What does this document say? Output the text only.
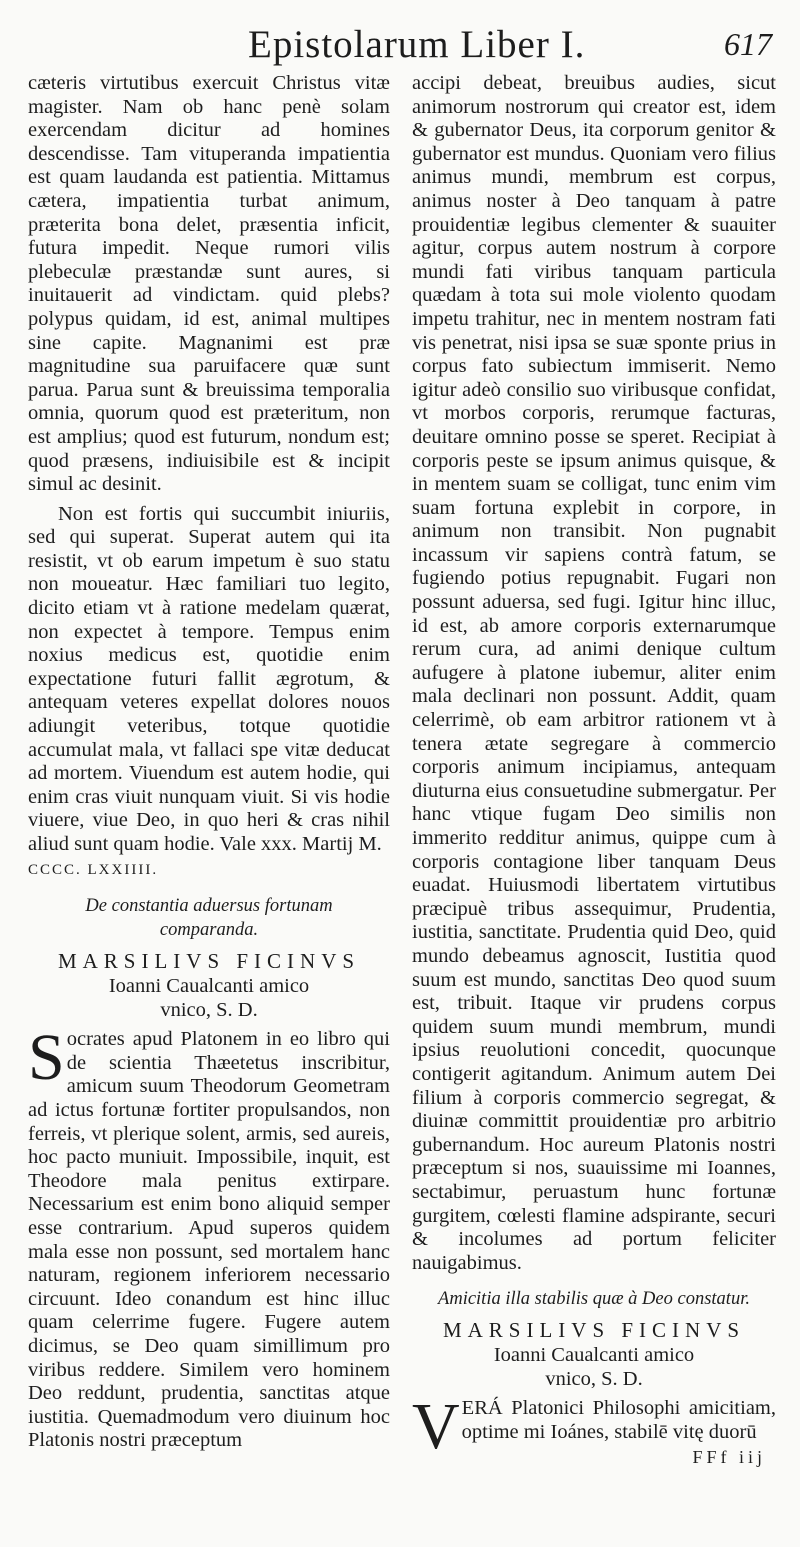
Epistolarum Liber I.	617

cæteris virtutibus exercuit Christus vitæ magister. Nam ob hanc penè solam exercendam dicitur ad homines descendisse. Tam vituperanda impatientia est quam laudanda est patientia. Mittamus cætera, impatientia turbat animum, præterita bona delet, præsentia inficit, futura impedit. Neque rumori vilis plebeculæ præstandæ sunt aures, si inuitauerit ad vindictam. quid plebs? polypus quidam, id est, animal multipes sine capite. Magnanimi est præ magnitudine sua paruifacere quæ sunt parua. Parua sunt & breuissima temporalia omnia, quorum quod est præteritum, non est amplius; quod est futurum, nondum est; quod præsens, indiuisibile est & incipit simul ac desinit.

Non est fortis qui succumbit iniuriis, sed qui superat. Superat autem qui ita resistit, vt ob earum impetum è suo statu non moueatur. Hæc familiari tuo legito, dicito etiam vt à ratione medelam quærat, non expectet à tempore. Tempus enim noxius medicus est, quotidie enim expectatione futuri fallit ægrotum, & antequam veteres expellat dolores nouos adiungit veteribus, totque quotidie accumulat mala, vt fallaci spe vitæ deducat ad mortem. Viuendum est autem hodie, qui enim cras viuit nunquam viuit. Si vis hodie viuere, viue Deo, in quo heri & cras nihil aliud sunt quam hodie. Vale xxx. Martij M.

CCCC. LXXIIII.

De constantia aduersus fortunam

comparanda.

MARSILIVS FICINVS

Ioanni Caualcanti amico

vnico, S. D.

Socrates apud Platonem in eo libro qui de scientia Thæetetus inscribitur, amicum suum Theodorum Geometram ad ictus fortunæ fortiter propulsandos, non ferreis, vt plerique solent, armis, sed aureis, hoc pacto muniuit. Impossibile, inquit, est Theodore mala penitus extirpare. Necessarium est enim bono aliquid semper esse contrarium. Apud superos quidem mala esse non possunt, sed mortalem hanc naturam, regionem inferiorem necessario circuunt. Ideo conandum est hinc illuc quam celerrime fugere. Fugere autem dicimus, se Deo quam simillimum pro viribus reddere. Similem vero hominem Deo reddunt, prudentia, sanctitas atque iustitia. Quemadmodum vero diuinum hoc Platonis nostri præceptum

accipi debeat, breuibus audies, sicut animorum nostrorum qui creator est, idem & gubernator Deus, ita corporum genitor & gubernator est mundus. Quoniam vero filius animus mundi, membrum est corpus, animus noster à Deo tanquam à patre prouidentiæ legibus clementer & suauiter agitur, corpus autem nostrum à corpore mundi fati viribus tanquam particula quædam à tota sui mole violento quodam impetu trahitur, nec in mentem nostram fati vis penetrat, nisi ipsa se suæ sponte prius in corpus fato subiectum immiserit. Nemo igitur adeò consilio suo viribusque confidat, vt morbos corporis, rerumque facturas, deuitare omnino posse se speret. Recipiat à corporis peste se ipsum animus quisque, & in mentem suam se colligat, tunc enim vim suam fortuna explebit in corpore, in animum non transibit. Non pugnabit incassum vir sapiens contrà fatum, se fugiendo potius repugnabit. Fugari non possunt aduersa, sed fugi. Igitur hinc illuc, id est, ab amore corporis externarumque rerum cura, ad animi denique cultum aufugere à platone iubemur, aliter enim mala declinari non possunt. Addit, quam celerrimè, ob eam arbitror rationem vt à tenera ætate segregare à commercio corporis animum incipiamus, antequam diuturna eius consuetudine submergatur. Per hanc vtique fugam Deo similis non immerito redditur animus, quippe cum à corporis contagione liber tanquam Deus euadat. Huiusmodi libertatem virtutibus præcipuè tribus assequimur, Prudentia, iustitia, sanctitate. Prudentia quid Deo, quid mundo debeamus agnoscit, Iustitia quod suum est mundo, sanctitas Deo quod suum est, tribuit. Itaque vir prudens corpus quidem suum mundi membrum, mundi ipsius reuolutioni concedit, quocunque contigerit agitandum. Animum autem Dei filium à corporis commercio segregat, & diuinæ committit prouidentiæ pro arbitrio gubernandum. Hoc aureum Platonis nostri præceptum si nos, suauissime mi Ioannes, sectabimur, peruastum hunc fortunæ gurgitem, cœlesti flamine adspirante, securi & incolumes ad portum feliciter nauigabimus.

Amicitia illa stabilis quæ à Deo constatur.

MARSILIVS FICINVS

Ioanni Caualcanti amico

vnico, S. D.

VERÁ Platonici Philosophi amicitiam, optime mi Ioánes, stabilē vitę duorū

FFf iij
